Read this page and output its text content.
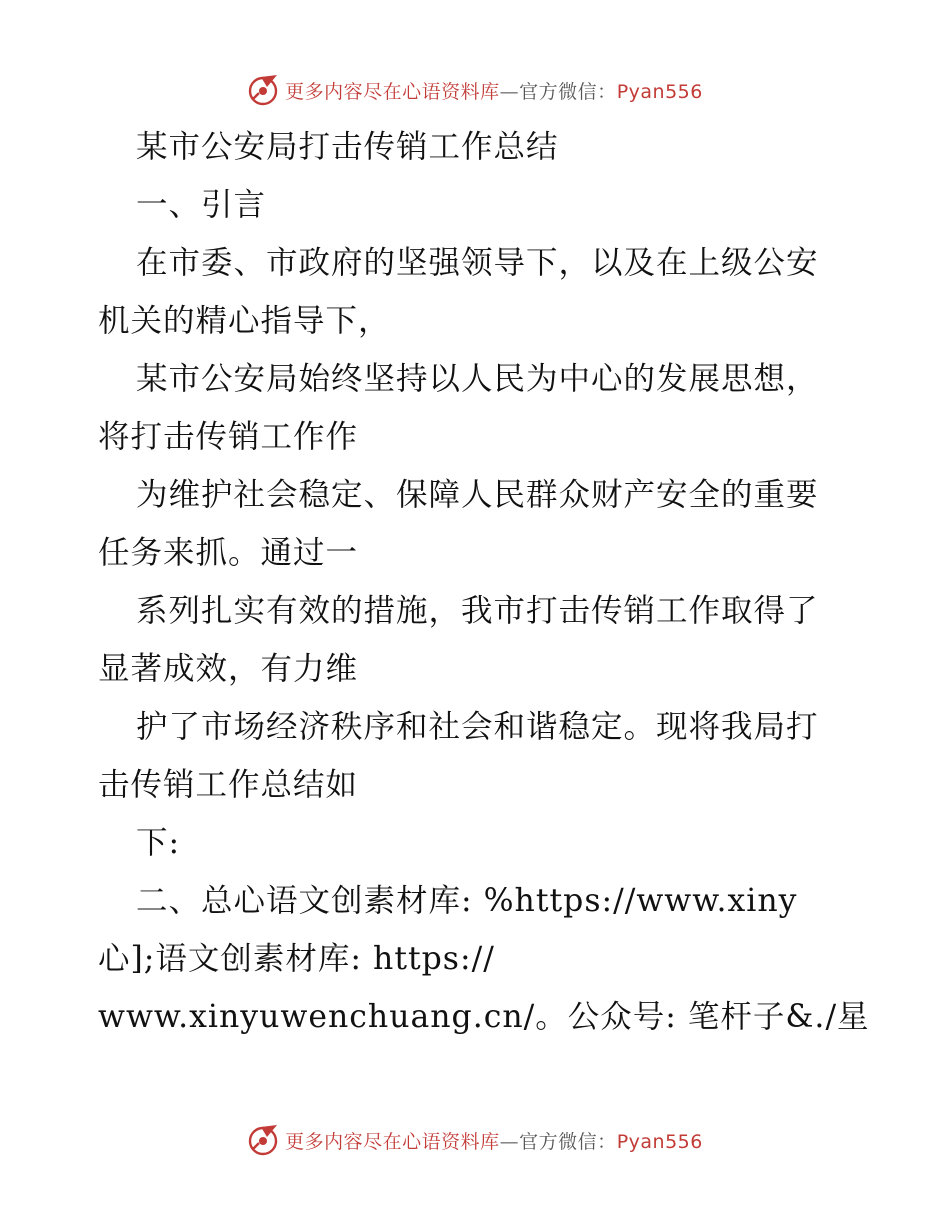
更多内容尽在心语资料库—官方微信：Pyan556
某市公安局打击传销工作总结
一、引言
在市委、市政府的坚强领导下，以及在上级公安
机关的精心指导下，
某市公安局始终坚持以人民为中心的发展思想，
将打击传销工作作
为维护社会稳定、保障人民群众财产安全的重要
任务来抓。通过一
系列扎实有效的措施，我市打击传销工作取得了
显著成效，有力维
护了市场经济秩序和社会和谐稳定。现将我局打
击传销工作总结如
下:
二、总心语文创素材库: %https://www.xiny
心];语文创素材库: https://
www.xinyuwenchuang.cn/。公众号: 笔杆子&./星
更多内容尽在心语资料库—官方微信：Pyan556
